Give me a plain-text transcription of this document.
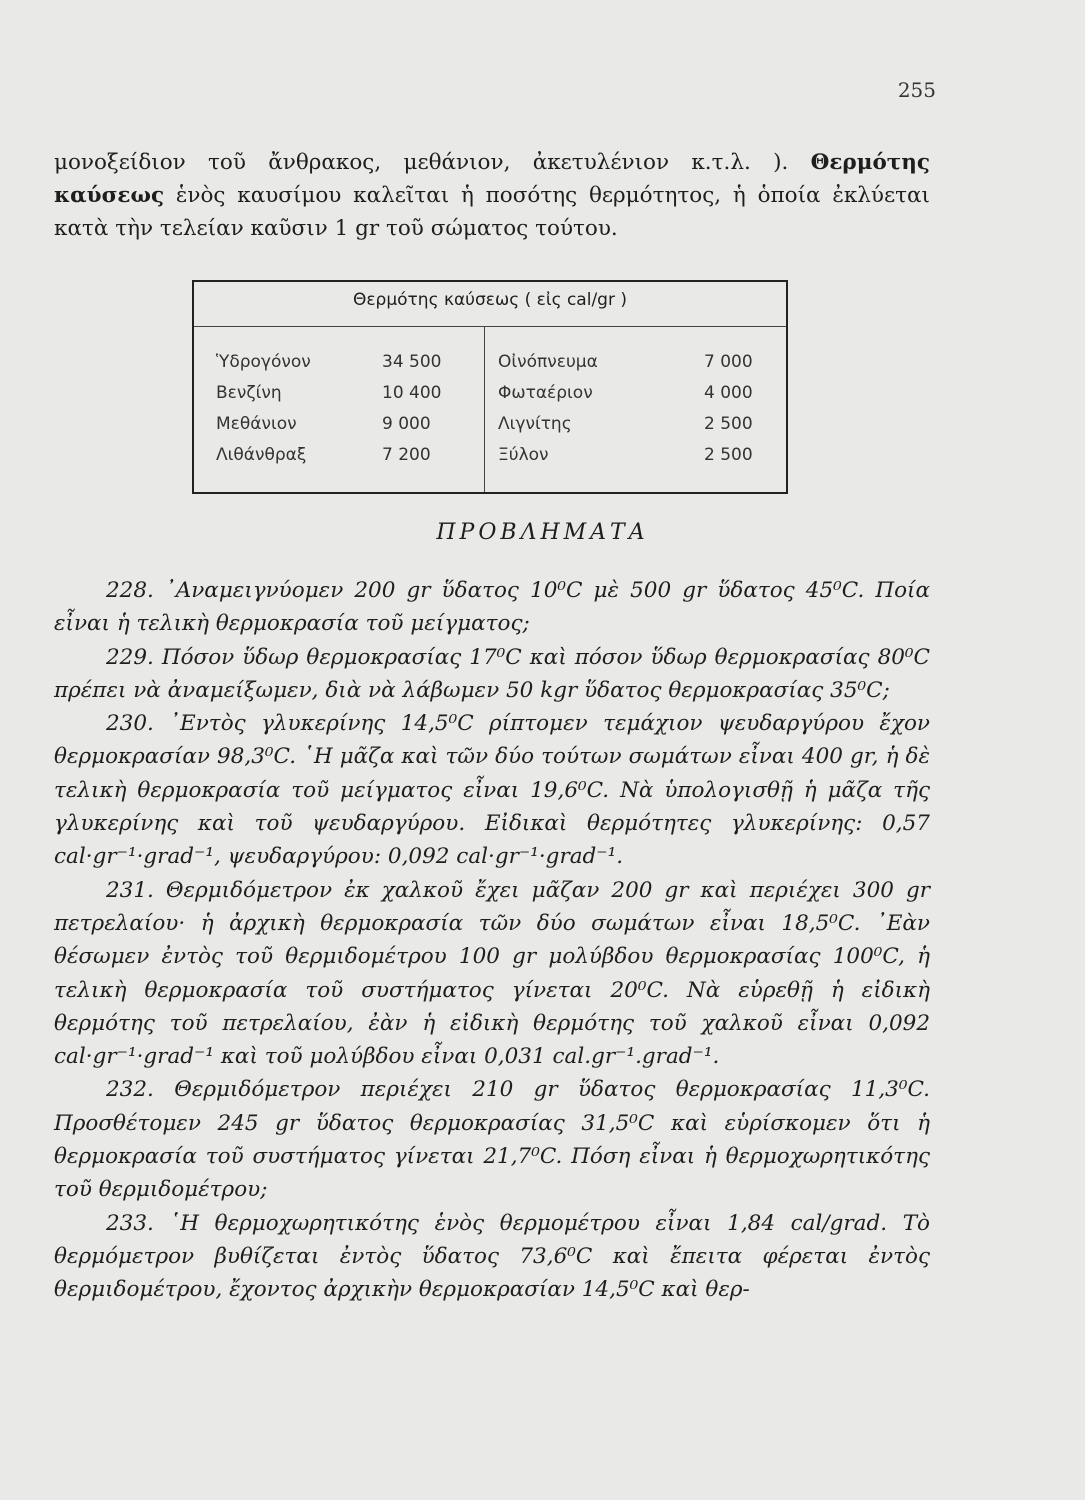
255

μονοξείδιον τοῦ ἄνθρακος, μεθάνιον, ἀκετυλένιον κ.τ.λ. ). Θερμότης καύσεως ἑνὸς καυσίμου καλεῖται ἡ ποσότης θερμότητος, ἡ ὁποία ἐκλύεται κατὰ τὴν τελείαν καῦσιν 1 gr τοῦ σώματος τούτου.

Θερμότης καύσεως ( εἰς cal/gr )
Ὑδρογόνον	34 500	Οἰνόπνευμα	7 000
Βενζίνη	10 400	Φωταέριον	4 000
Μεθάνιον	9 000	Λιγνίτης	2 500
Λιθάνθραξ	7 200	Ξύλον	2 500
ΠΡΟΒΛΗΜΑΤΑ

228. ᾿Αναμειγνύομεν 200 gr ὕδατος 10⁰C μὲ 500 gr ὕδατος 45⁰C. Ποία εἶναι ἡ τελικὴ θερμοκρασία τοῦ μείγματος;

229. Πόσον ὕδωρ θερμοκρασίας 17⁰C καὶ πόσον ὕδωρ θερμοκρασίας 80⁰C πρέπει νὰ ἀναμείξωμεν, διὰ νὰ λάβωμεν 50 kgr ὕδατος θερμοκρασίας 35⁰C;

230. ᾿Εντὸς γλυκερίνης 14,5⁰C ρίπτομεν τεμάχιον ψευδαργύρου ἔχον θερμοκρασίαν 98,3⁰C. ῾Η μᾶζα καὶ τῶν δύο τούτων σωμάτων εἶναι 400 gr, ἡ δὲ τελικὴ θερμοκρασία τοῦ μείγματος εἶναι 19,6⁰C. Νὰ ὑπολογισθῇ ἡ μᾶζα τῆς γλυκερίνης καὶ τοῦ ψευδαργύρου. Εἰδικαὶ θερμότητες γλυκερίνης: 0,57 cal·gr⁻¹·grad⁻¹, ψευδαργύρου: 0,092 cal·gr⁻¹·grad⁻¹.

231. Θερμιδόμετρον ἐκ χαλκοῦ ἔχει μᾶζαν 200 gr καὶ περιέχει 300 gr πετρελαίου· ἡ ἀρχικὴ θερμοκρασία τῶν δύο σωμάτων εἶναι 18,5⁰C. ᾿Εὰν θέσωμεν ἐντὸς τοῦ θερμιδομέτρου 100 gr μολύβδου θερμοκρασίας 100⁰C, ἡ τελικὴ θερμοκρασία τοῦ συστήματος γίνεται 20⁰C. Νὰ εὑρεθῇ ἡ εἰδικὴ θερμότης τοῦ πετρελαίου, ἐὰν ἡ εἰδικὴ θερμότης τοῦ χαλκοῦ εἶναι 0,092 cal·gr⁻¹·grad⁻¹ καὶ τοῦ μολύβδου εἶναι 0,031 cal.gr⁻¹.grad⁻¹.

232. Θερμιδόμετρον περιέχει 210 gr ὕδατος θερμοκρασίας 11,3⁰C. Προσθέτομεν 245 gr ὕδατος θερμοκρασίας 31,5⁰C καὶ εὑρίσκομεν ὅτι ἡ θερμοκρασία τοῦ συστήματος γίνεται 21,7⁰C. Πόση εἶναι ἡ θερμοχωρητικότης τοῦ θερμιδομέτρου;

233. ῾Η θερμοχωρητικότης ἑνὸς θερμομέτρου εἶναι 1,84 cal/grad. Τὸ θερμόμετρον βυθίζεται ἐντὸς ὕδατος 73,6⁰C καὶ ἔπειτα φέρεται ἐντὸς θερμιδομέτρου, ἔχοντος ἀρχικὴν θερμοκρασίαν 14,5⁰C καὶ θερ-
